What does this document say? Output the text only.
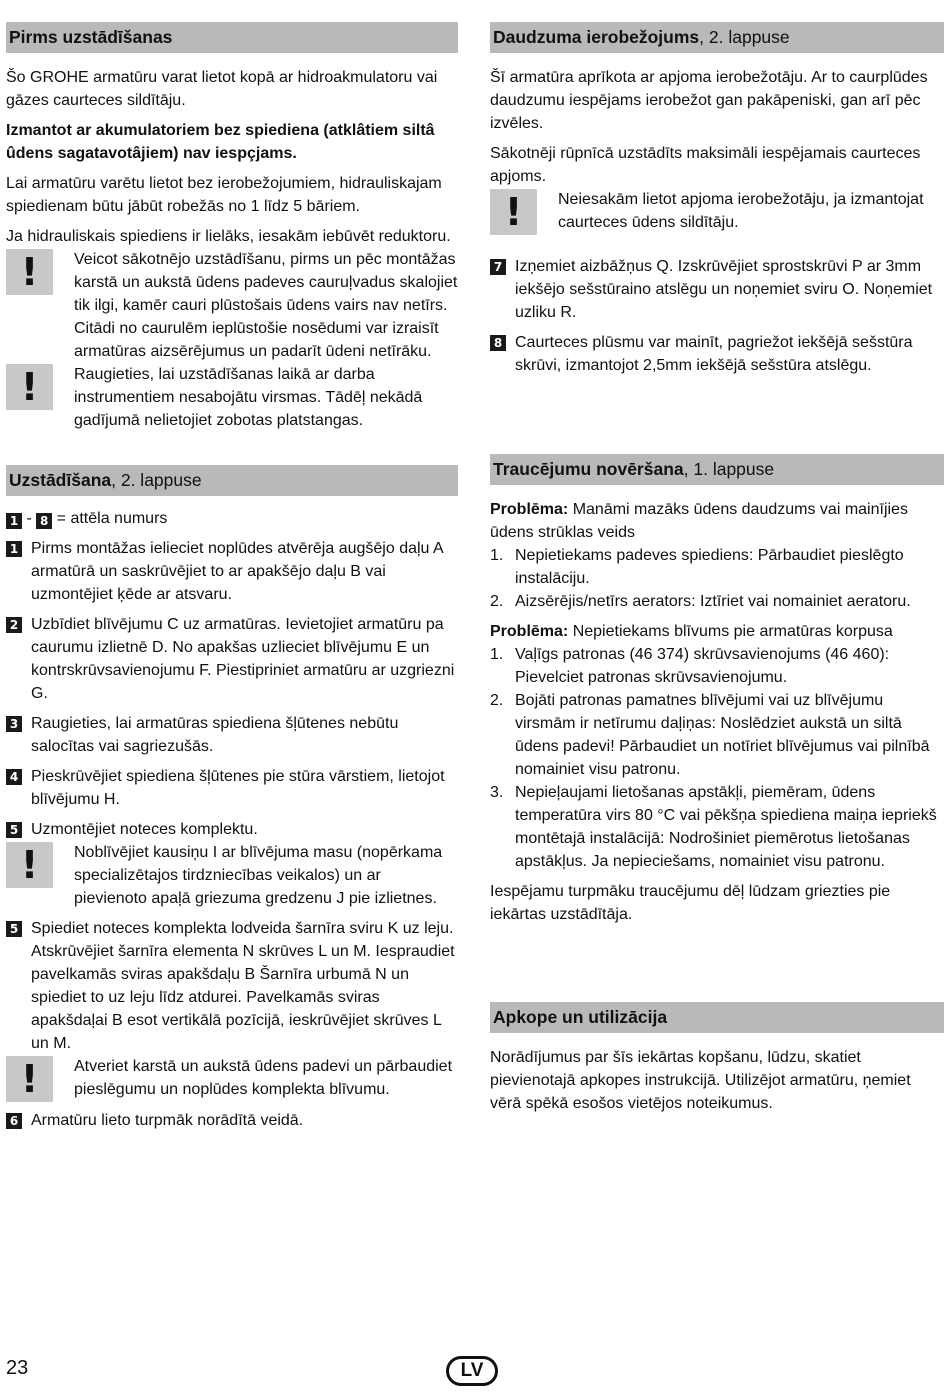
Pirms uzstādīšanas

Šo GROHE armatūru varat lietot kopā ar hidroakmulatoru vai gāzes caurteces sildītāju.

Izmantot ar akumulatoriem bez spiediena (atklâtiem siltâ ûdens sagatavotâjiem) nav iespçjams.

Lai armatūru varētu lietot bez ierobežojumiem, hidrauliskajam spiedienam būtu jābūt robežās no 1 līdz 5 bāriem.

Ja hidrauliskais spiediens ir lielāks, iesakām iebūvēt reduktoru.

!	Veicot sākotnējo uzstādīšanu, pirms un pēc montāžas karstā un aukstā ūdens padeves cauruļvadus skalojiet tik ilgi, kamēr cauri plūstošais ūdens vairs nav netīrs. Citādi no caurulēm ieplūstošie nosēdumi var izraisīt armatūras aizsērējumus un padarīt ūdeni netīrāku.
!	Raugieties, lai uzstādīšanas laikā ar darba instrumentiem nesabojātu virsmas. Tādēļ nekādā gadījumā nelietojiet zobotas platstangas.
Uzstādīšana, 2. lappuse

1 - 8 = attēla numurs

1 Pirms montāžas ielieciet noplūdes atvērēja augšējo daļu A armatūrā un saskrūvējiet to ar apakšējo daļu B vai uzmontējiet ķēde ar atsvaru.
2 Uzbīdiet blīvējumu C uz armatūras. Ievietojiet armatūru pa caurumu izlietnē D. No apakšas uzlieciet blīvējumu E un kontrskrūvsavienojumu F. Piestipriniet armatūru ar uzgriezni G.
3 Raugieties, lai armatūras spiediena šļūtenes nebūtu salocītas vai sagriezušās.
4 Pieskrūvējiet spiediena šļūtenes pie stūra vārstiem, lietojot blīvējumu H.
5 Uzmontējiet noteces komplektu.
!	Noblīvējiet kausiņu I ar blīvējuma masu (nopērkama specializētajos tirdzniecības veikalos) un ar pievienoto apaļā griezuma gredzenu J pie izlietnes.
5 Spiediet noteces komplekta lodveida šarnīra sviru K uz leju. Atskrūvējiet šarnīra elementa N skrūves L un M. Iespraudiet pavelkamās sviras apakšdaļu B Šarnīra urbumā N un spiediet to uz leju līdz atdurei. Pavelkamās sviras apakšdaļai B esot vertikālā pozīcijā, ieskrūvējiet skrūves L un M.
!	Atveriet karstā un aukstā ūdens padevi un pārbaudiet pieslēgumu un noplūdes komplekta blīvumu.
6 Armatūru lieto turpmāk norādītā veidā.
Daudzuma ierobežojums, 2. lappuse

Šī armatūra aprīkota ar apjoma ierobežotāju. Ar to caurplūdes daudzumu iespējams ierobežot gan pakāpeniski, gan arī pēc izvēles.

Sākotnēji rūpnīcā uzstādīts maksimāli iespējamais caurteces apjoms.

!	Neiesakām lietot apjoma ierobežotāju, ja izmantojat caurteces ūdens sildītāju.
7 Izņemiet aizbāžņus Q. Izskrūvējiet sprostskrūvi P ar 3mm iekšējo sešstūraino atslēgu un noņemiet sviru O. Noņemiet uzliku R.
8 Caurteces plūsmu var mainīt, pagriežot iekšējā sešstūra skrūvi, izmantojot 2,5mm iekšējā sešstūra atslēgu.
Traucējumu novēršana, 1. lappuse

Problēma: Manāmi mazāks ūdens daudzums vai mainījies ūdens strūklas veids

1. Nepietiekams padeves spiediens: Pārbaudiet pieslēgto instalāciju.
2. Aizsērējis/netīrs aerators: Iztīriet vai nomainiet aeratoru.

Problēma: Nepietiekams blīvums pie armatūras korpusa

1. Vaļīgs patronas (46 374) skrūvsavienojums (46 460): Pievelciet patronas skrūvsavienojumu.
2. Bojāti patronas pamatnes blīvējumi vai uz blīvējumu virsmām ir netīrumu daļiņas: Noslēdziet aukstā un siltā ūdens padevi! Pārbaudiet un notīriet blīvējumus vai pilnībā nomainiet visu patronu.
3. Nepieļaujami lietošanas apstākļi, piemēram, ūdens temperatūra virs 80 °C vai pēkšņa spiediena maiņa iepriekš montētajā instalācijā: Nodrošiniet piemērotus lietošanas apstākļus. Ja nepieciešams, nomainiet visu patronu.

Iespējamu turpmāku traucējumu dēļ lūdzam griezties pie iekārtas uzstādītāja.

Apkope un utilizācija

Norādījumus par šīs iekārtas kopšanu, lūdzu, skatiet pievienotajā apkopes instrukcijā. Utilizējot armatūru, ņemiet vērā spēkā esošos vietējos noteikumus.

23	LV
